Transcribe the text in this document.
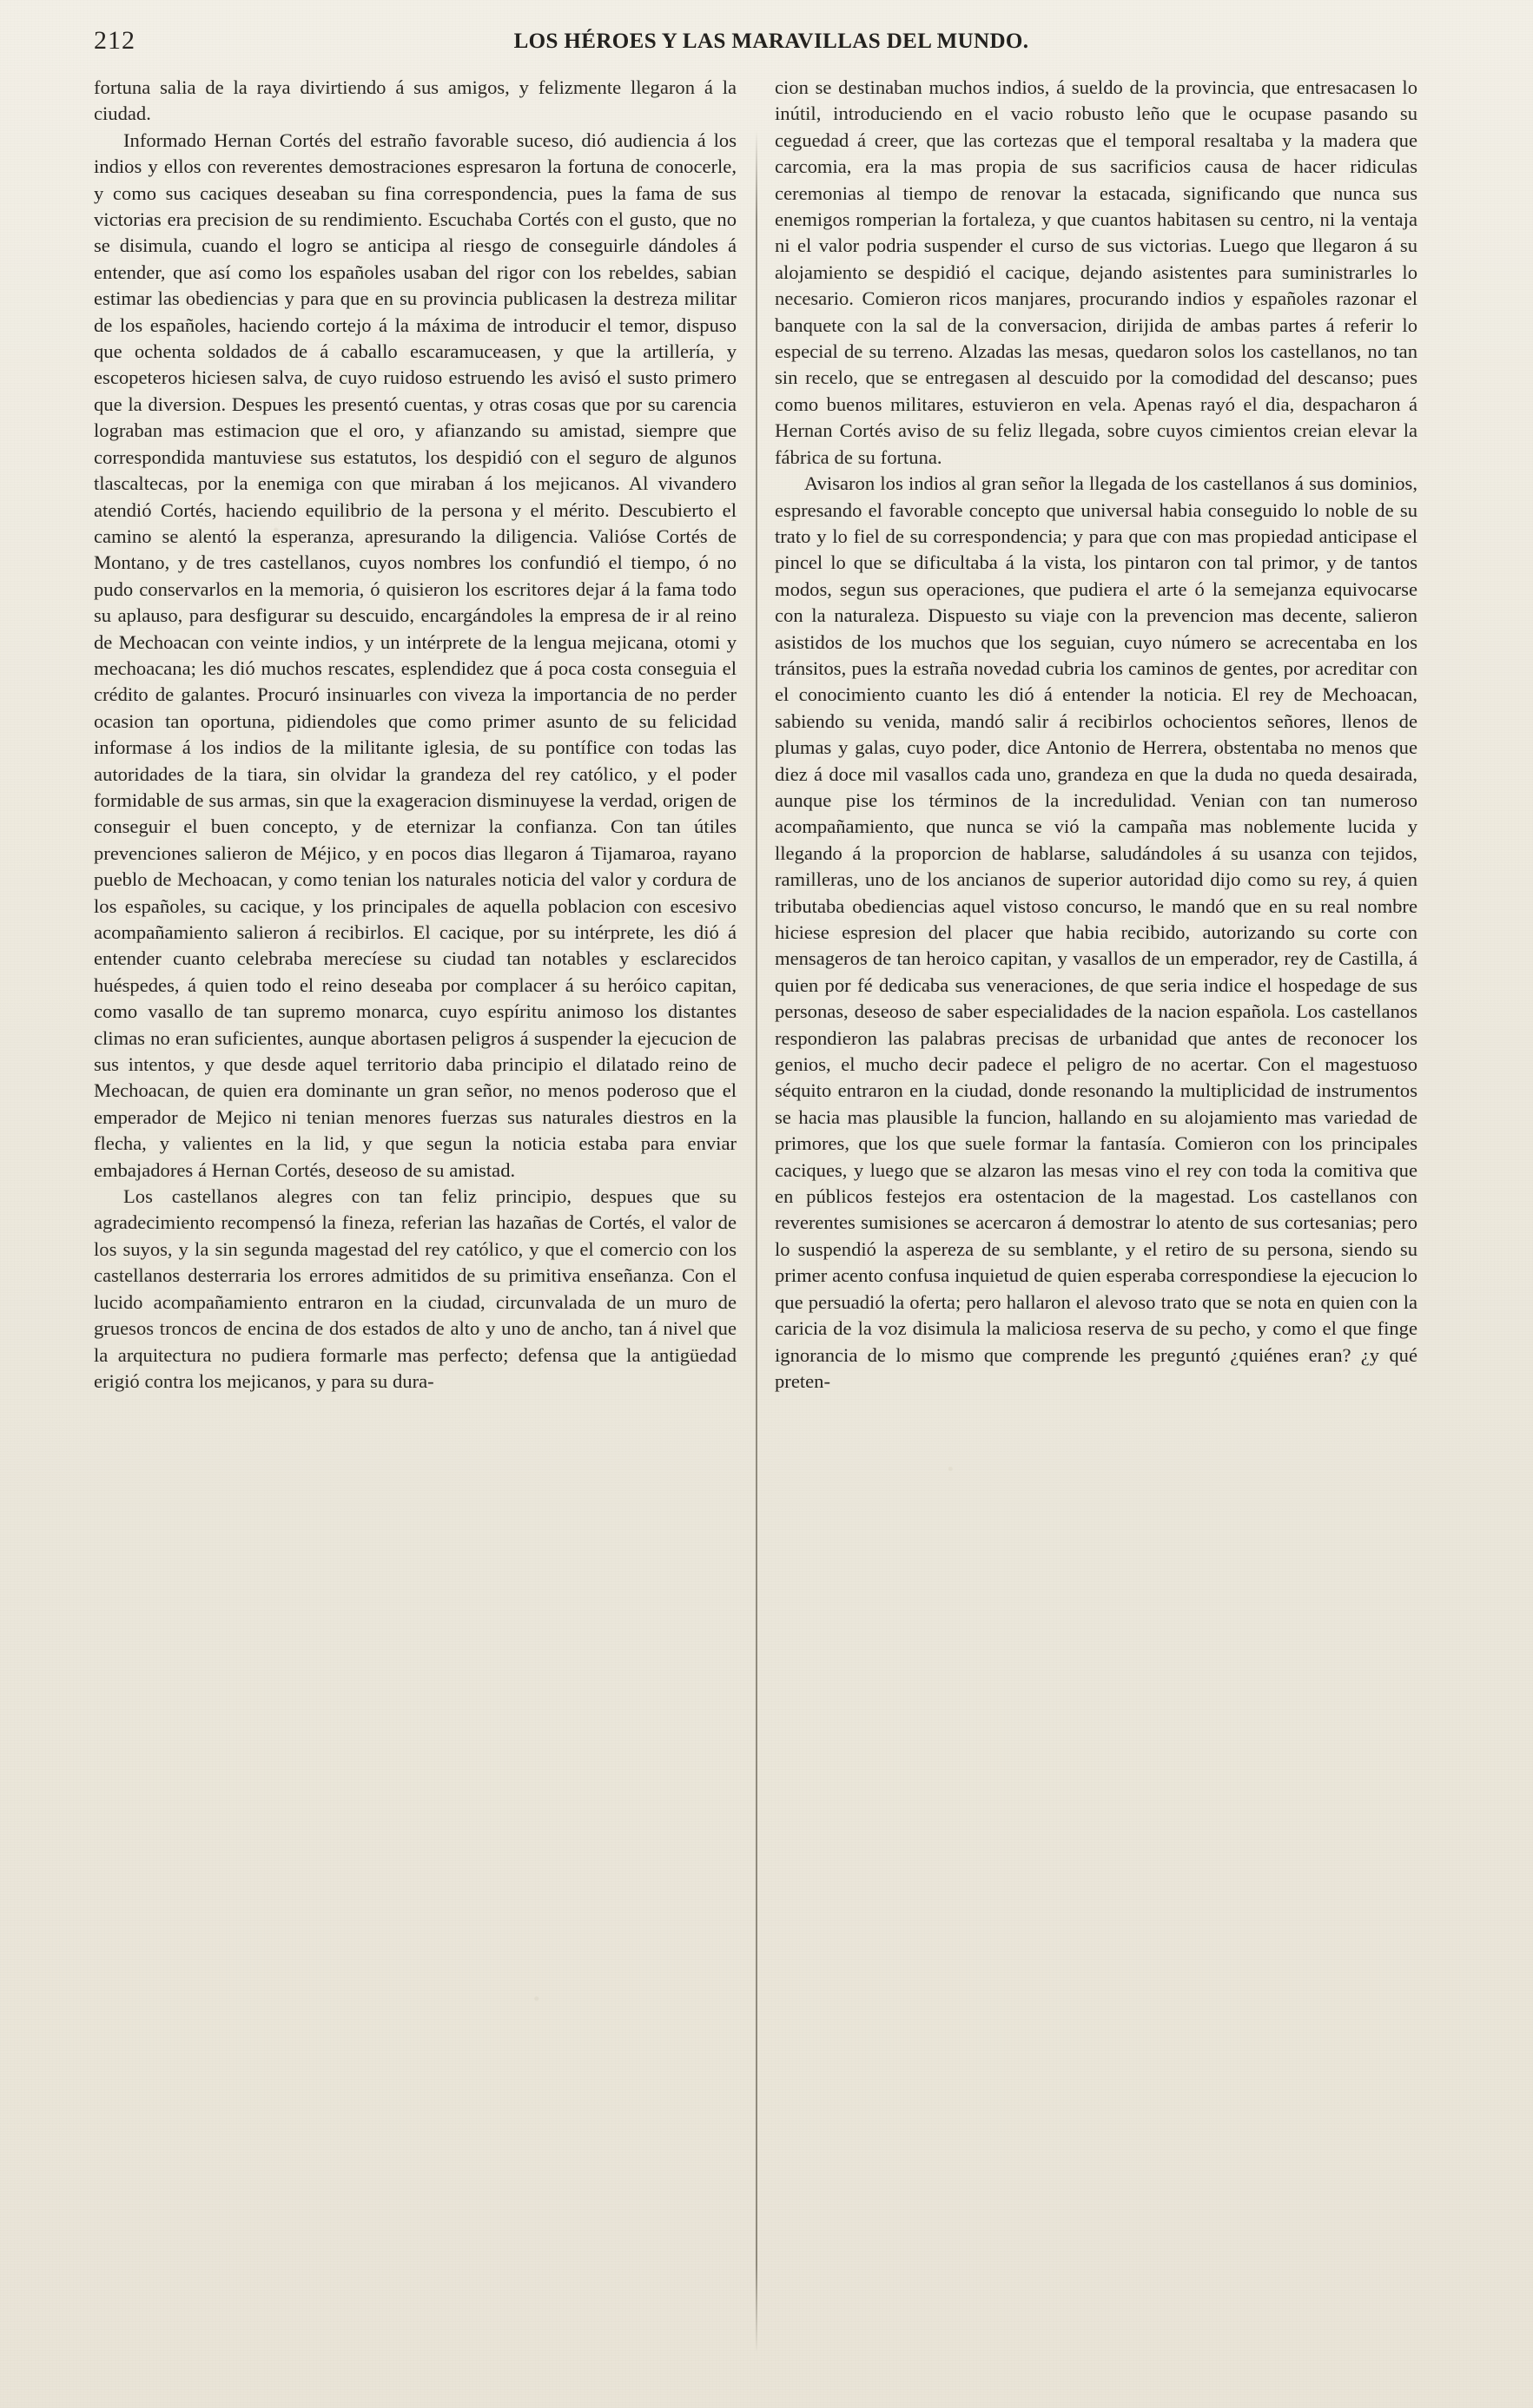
212	LOS HÉROES Y LAS MARAVILLAS DEL MUNDO.

fortuna salia de la raya divirtiendo á sus amigos, y felizmente llegaron á la ciudad.

Informado Hernan Cortés del estraño favorable suceso, dió audiencia á los indios y ellos con reverentes demostraciones espresaron la fortuna de conocerle, y como sus caciques deseaban su fina correspondencia, pues la fama de sus victorias era precision de su rendimiento. Escuchaba Cortés con el gusto, que no se disimula, cuando el logro se anticipa al riesgo de conseguirle dándoles á entender, que así como los españoles usaban del rigor con los rebeldes, sabian estimar las obediencias y para que en su provincia publicasen la destreza militar de los españoles, haciendo cortejo á la máxima de introducir el temor, dispuso que ochenta soldados de á caballo escaramuceasen, y que la artillería, y escopeteros hiciesen salva, de cuyo ruidoso estruendo les avisó el susto primero que la diversion. Despues les presentó cuentas, y otras cosas que por su carencia lograban mas estimacion que el oro, y afianzando su amistad, siempre que correspondida mantuviese sus estatutos, los despidió con el seguro de algunos tlascaltecas, por la enemiga con que miraban á los mejicanos. Al vivandero atendió Cortés, haciendo equilibrio de la persona y el mérito. Descubierto el camino se alentó la esperanza, apresurando la diligencia. Valióse Cortés de Montano, y de tres castellanos, cuyos nombres los confundió el tiempo, ó no pudo conservarlos en la memoria, ó quisieron los escritores dejar á la fama todo su aplauso, para desfigurar su descuido, encargándoles la empresa de ir al reino de Mechoacan con veinte indios, y un intérprete de la lengua mejicana, otomi y mechoacana; les dió muchos rescates, esplendidez que á poca costa conseguia el crédito de galantes. Procuró insinuarles con viveza la importancia de no perder ocasion tan oportuna, pidiendoles que como primer asunto de su felicidad informase á los indios de la militante iglesia, de su pontífice con todas las autoridades de la tiara, sin olvidar la grandeza del rey católico, y el poder formidable de sus armas, sin que la exageracion disminuyese la verdad, origen de conseguir el buen concepto, y de eternizar la confianza. Con tan útiles prevenciones salieron de Méjico, y en pocos dias llegaron á Tijamaroa, rayano pueblo de Mechoacan, y como tenian los naturales noticia del valor y cordura de los españoles, su cacique, y los principales de aquella poblacion con escesivo acompañamiento salieron á recibirlos. El cacique, por su intérprete, les dió á entender cuanto celebraba merecíese su ciudad tan notables y esclarecidos huéspedes, á quien todo el reino deseaba por complacer á su heróico capitan, como vasallo de tan supremo monarca, cuyo espíritu animoso los distantes climas no eran suficientes, aunque abortasen peligros á suspender la ejecucion de sus intentos, y que desde aquel territorio daba principio el dilatado reino de Mechoacan, de quien era dominante un gran señor, no menos poderoso que el emperador de Mejico ni tenian menores fuerzas sus naturales diestros en la flecha, y valientes en la lid, y que segun la noticia estaba para enviar embajadores á Hernan Cortés, deseoso de su amistad.

Los castellanos alegres con tan feliz principio, despues que su agradecimiento recompensó la fineza, referian las hazañas de Cortés, el valor de los suyos, y la sin segunda magestad del rey católico, y que el comercio con los castellanos desterraria los errores admitidos de su primitiva enseñanza. Con el lucido acompañamiento entraron en la ciudad, circunvalada de un muro de gruesos troncos de encina de dos estados de alto y uno de ancho, tan á nivel que la arquitectura no pudiera formarle mas perfecto; defensa que la antigüedad erigió contra los mejicanos, y para su dura-

cion se destinaban muchos indios, á sueldo de la provincia, que entresacasen lo inútil, introduciendo en el vacio robusto leño que le ocupase pasando su ceguedad á creer, que las cortezas que el temporal resaltaba y la madera que carcomia, era la mas propia de sus sacrificios causa de hacer ridiculas ceremonias al tiempo de renovar la estacada, significando que nunca sus enemigos romperian la fortaleza, y que cuantos habitasen su centro, ni la ventaja ni el valor podria suspender el curso de sus victorias. Luego que llegaron á su alojamiento se despidió el cacique, dejando asistentes para suministrarles lo necesario. Comieron ricos manjares, procurando indios y españoles razonar el banquete con la sal de la conversacion, dirijida de ambas partes á referir lo especial de su terreno. Alzadas las mesas, quedaron solos los castellanos, no tan sin recelo, que se entregasen al descuido por la comodidad del descanso; pues como buenos militares, estuvieron en vela. Apenas rayó el dia, despacharon á Hernan Cortés aviso de su feliz llegada, sobre cuyos cimientos creian elevar la fábrica de su fortuna.

Avisaron los indios al gran señor la llegada de los castellanos á sus dominios, espresando el favorable concepto que universal habia conseguido lo noble de su trato y lo fiel de su correspondencia; y para que con mas propiedad anticipase el pincel lo que se dificultaba á la vista, los pintaron con tal primor, y de tantos modos, segun sus operaciones, que pudiera el arte ó la semejanza equivocarse con la naturaleza. Dispuesto su viaje con la prevencion mas decente, salieron asistidos de los muchos que los seguian, cuyo número se acrecentaba en los tránsitos, pues la estraña novedad cubria los caminos de gentes, por acreditar con el conocimiento cuanto les dió á entender la noticia. El rey de Mechoacan, sabiendo su venida, mandó salir á recibirlos ochocientos señores, llenos de plumas y galas, cuyo poder, dice Antonio de Herrera, obstentaba no menos que diez á doce mil vasallos cada uno, grandeza en que la duda no queda desairada, aunque pise los términos de la incredulidad. Venian con tan numeroso acompañamiento, que nunca se vió la campaña mas noblemente lucida y llegando á la proporcion de hablarse, saludándoles á su usanza con tejidos, ramilleras, uno de los ancianos de superior autoridad dijo como su rey, á quien tributaba obediencias aquel vistoso concurso, le mandó que en su real nombre hiciese espresion del placer que habia recibido, autorizando su corte con mensageros de tan heroico capitan, y vasallos de un emperador, rey de Castilla, á quien por fé dedicaba sus veneraciones, de que seria indice el hospedage de sus personas, deseoso de saber especialidades de la nacion española. Los castellanos respondieron las palabras precisas de urbanidad que antes de reconocer los genios, el mucho decir padece el peligro de no acertar. Con el magestuoso séquito entraron en la ciudad, donde resonando la multiplicidad de instrumentos se hacia mas plausible la funcion, hallando en su alojamiento mas variedad de primores, que los que suele formar la fantasía. Comieron con los principales caciques, y luego que se alzaron las mesas vino el rey con toda la comitiva que en públicos festejos era ostentacion de la magestad. Los castellanos con reverentes sumisiones se acercaron á demostrar lo atento de sus cortesanias; pero lo suspendió la aspereza de su semblante, y el retiro de su persona, siendo su primer acento confusa inquietud de quien esperaba correspondiese la ejecucion lo que persuadió la oferta; pero hallaron el alevoso trato que se nota en quien con la caricia de la voz disimula la maliciosa reserva de su pecho, y como el que finge ignorancia de lo mismo que comprende les preguntó ¿quiénes eran? ¿y qué preten-
